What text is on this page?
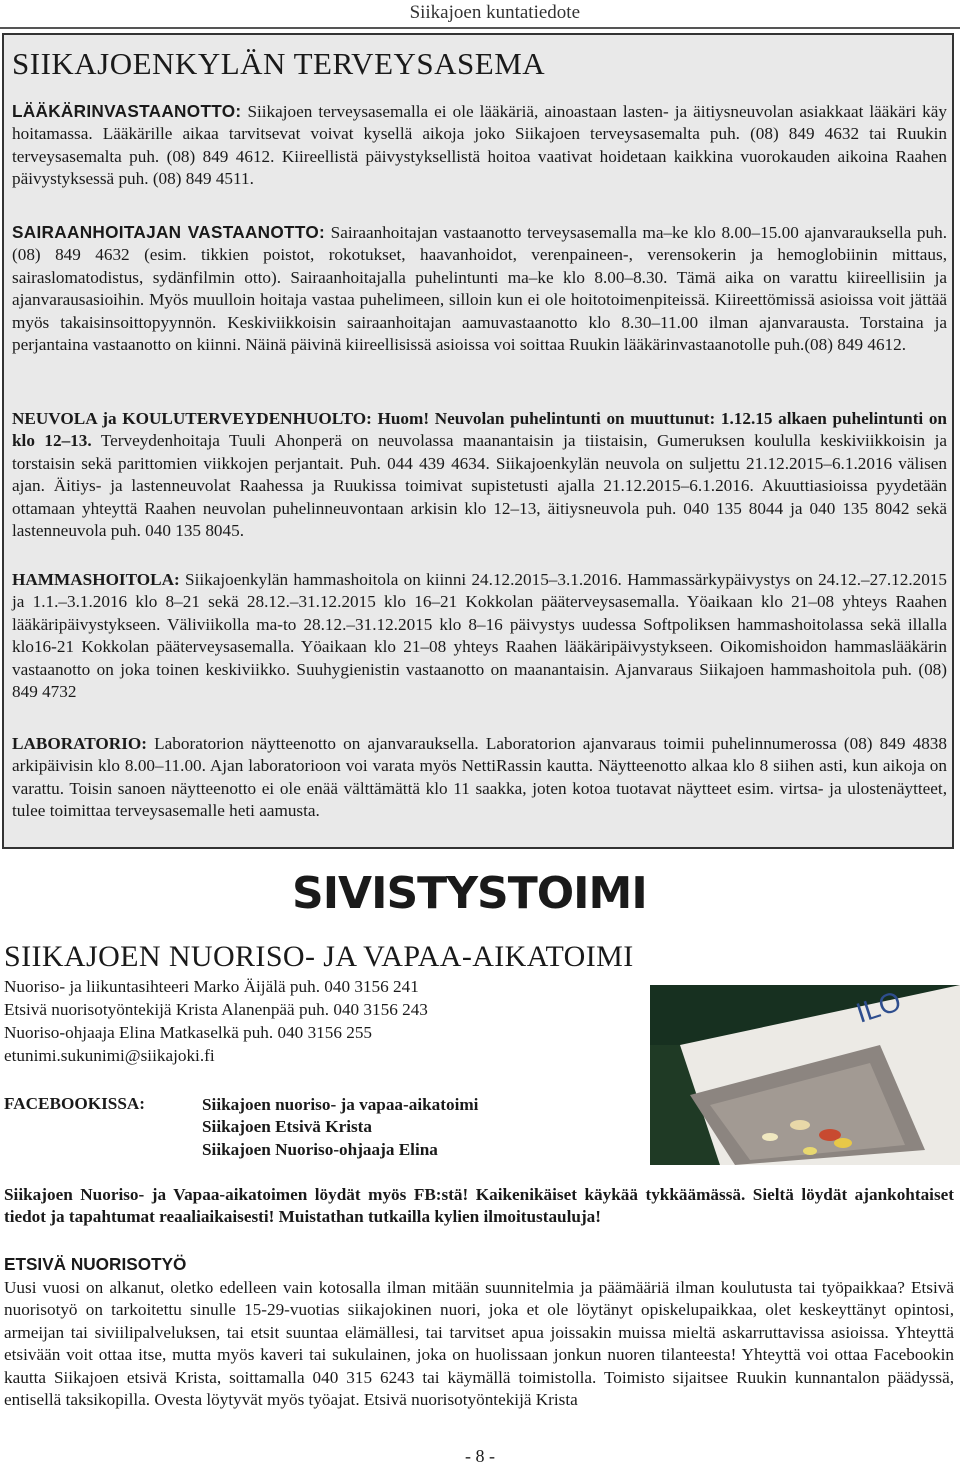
Siikajoen kuntatiedote
SIIKAJOENKYLÄN TERVEYSASEMA
LÄÄKÄRINVASTAANOTTO: Siikajoen terveysasemalla ei ole lääkäriä, ainoastaan lasten- ja äitiysneuvolan asiakkaat lääkäri käy hoitamassa. Lääkärille aikaa tarvitsevat voivat kysellä aikoja joko Siikajoen terveysasemalta puh. (08) 849 4632 tai Ruukin terveysasemalta puh. (08) 849 4612. Kiireellistä päivystyksellistä hoitoa vaativat hoidetaan kaikkina vuorokauden aikoina Raahen päivystyksessä puh. (08) 849 4511.
SAIRAANHOITAJAN VASTAANOTTO: Sairaanhoitajan vastaanotto terveysasemalla ma–ke klo 8.00–15.00 ajanvarauksella puh.(08) 849 4632 (esim. tikkien poistot, rokotukset, haavanhoidot, verenpaineen-, verensokerin ja hemoglobiinin mittaus, sairaslomatodistus, sydänfilmin otto). Sairaanhoitajalla puhelintunti ma–ke klo 8.00–8.30. Tämä aika on varattu kiireellisiin ja ajanvarausasioihin. Myös muulloin hoitaja vastaa puhelimeen, silloin kun ei ole hoitotoimenpiteissä. Kiireettömissä asioissa voit jättää myös takaisinsoittopyynnön. Keskiviikkoisin sairaanhoitajan aamuvastaanotto klo 8.30–11.00 ilman ajanvarausta. Torstaina ja perjantaina vastaanotto on kiinni. Näinä päivinä kiireellisissä asioissa voi soittaa Ruukin lääkärinvastaanotolle puh.(08) 849 4612.
NEUVOLA ja KOULUTERVEYDENHUOLTO: Huom! Neuvolan puhelintunti on muuttunut: 1.12.15 alkaen puhelintunti on klo 12–13. Terveydenhoitaja Tuuli Ahonperä on neuvolassa maanantaisin ja tiistaisin, Gumeruksen koululla keskiviikkoisin ja torstaisin sekä parittomien viikkojen perjantait. Puh. 044 439 4634. Siikajoenkylän neuvola on suljettu 21.12.2015–6.1.2016 välisen ajan. Äitiys- ja lastenneuvolat Raahessa ja Ruukissa toimivat supistetusti ajalla 21.12.2015–6.1.2016. Akuuttiasioissa pyydetään ottamaan yhteyttä Raahen neuvolan puhelinneuvontaan arkisin klo 12–13, äitiysneuvola puh. 040 135 8044 ja 040 135 8042 sekä lastenneuvola puh. 040 135 8045.
HAMMASHOITOLA: Siikajoenkylän hammashoitola on kiinni 24.12.2015–3.1.2016. Hammassärkypäivystys on 24.12.–27.12.2015 ja 1.1.–3.1.2016 klo 8–21 sekä 28.12.–31.12.2015 klo 16–21 Kokkolan pääterveysasemalla. Yöaikaan klo 21–08 yhteys Raahen lääkäripäivystykseen. Väliviikolla ma-to 28.12.–31.12.2015 klo 8–16 päivystys uudessa Softpoliksen hammashoitolassa sekä illalla klo16-21 Kokkolan pääterveysasemalla. Yöaikaan klo 21–08 yhteys Raahen lääkäripäivystykseen. Oikomishoidon hammaslääkärin vastaanotto on joka toinen keskiviikko. Suuhygienistin vastaanotto on maanantaisin. Ajanvaraus Siikajoen hammashoitola puh. (08) 849 4732
LABORATORIO: Laboratorion näytteenotto on ajanvarauksella. Laboratorion ajanvaraus toimii puhelinnumerossa (08) 849 4838 arkipäivisin klo 8.00–11.00. Ajan laboratorioon voi varata myös NettiRassin kautta. Näytteenotto alkaa klo 8 siihen asti, kun aikoja on varattu. Toisin sanoen näytteenotto ei ole enää välttämättä klo 11 saakka, joten kotoa tuotavat näytteet esim. virtsa- ja ulostenäytteet, tulee toimittaa terveysasemalle heti aamusta.
SIVISTYSTOIMI
SIIKAJOEN NUORISO- JA VAPAA-AIKATOIMI
Nuoriso- ja liikuntasihteeri Marko Äijälä puh. 040 3156 241
Etsivä nuorisotyöntekijä Krista Alanenpää puh. 040 3156 243
Nuoriso-ohjaaja Elina Matkaselkä puh. 040 3156 255
etunimi.sukunimi@siikajoki.fi
FACEBOOKISSA:	Siikajoen nuoriso- ja vapaa-aikatoimi
Siikajoen Etsivä Krista
Siikajoen Nuoriso-ohjaaja Elina
ILO
Siikajoen Nuoriso- ja Vapaa-aikatoimen löydät myös FB:stä! Kaikenikäiset käykää tykkäämässä. Sieltä löydät ajankohtaiset tiedot ja tapahtumat reaaliaikaisesti! Muistathan tutkailla kylien ilmoitustauluja!
ETSIVÄ NUORISOTYÖ
Uusi vuosi on alkanut, oletko edelleen vain kotosalla ilman mitään suunnitelmia ja päämääriä ilman koulutusta tai työpaikkaa? Etsivä nuorisotyö on tarkoitettu sinulle 15-29-vuotias siikajokinen nuori, joka et ole löytänyt opiskelupaikkaa, olet keskeyttänyt opintosi, armeijan tai siviilipalveluksen, tai etsit suuntaa elämällesi, tai tarvitset apua joissakin muissa mieltä askarruttavissa asioissa. Yhteyttä etsivään voit ottaa itse, mutta myös kaveri tai sukulainen, joka on huolissaan jonkun nuoren tilanteesta! Yhteyttä voi ottaa Facebookin kautta Siikajoen etsivä Krista, soittamalla 040 315 6243 tai käymällä toimistolla. Toimisto sijaitsee Ruukin kunnantalon päädyssä, entisellä taksikopilla. Ovesta löytyvät myös työajat. Etsivä nuorisotyöntekijä Krista
- 8 -
